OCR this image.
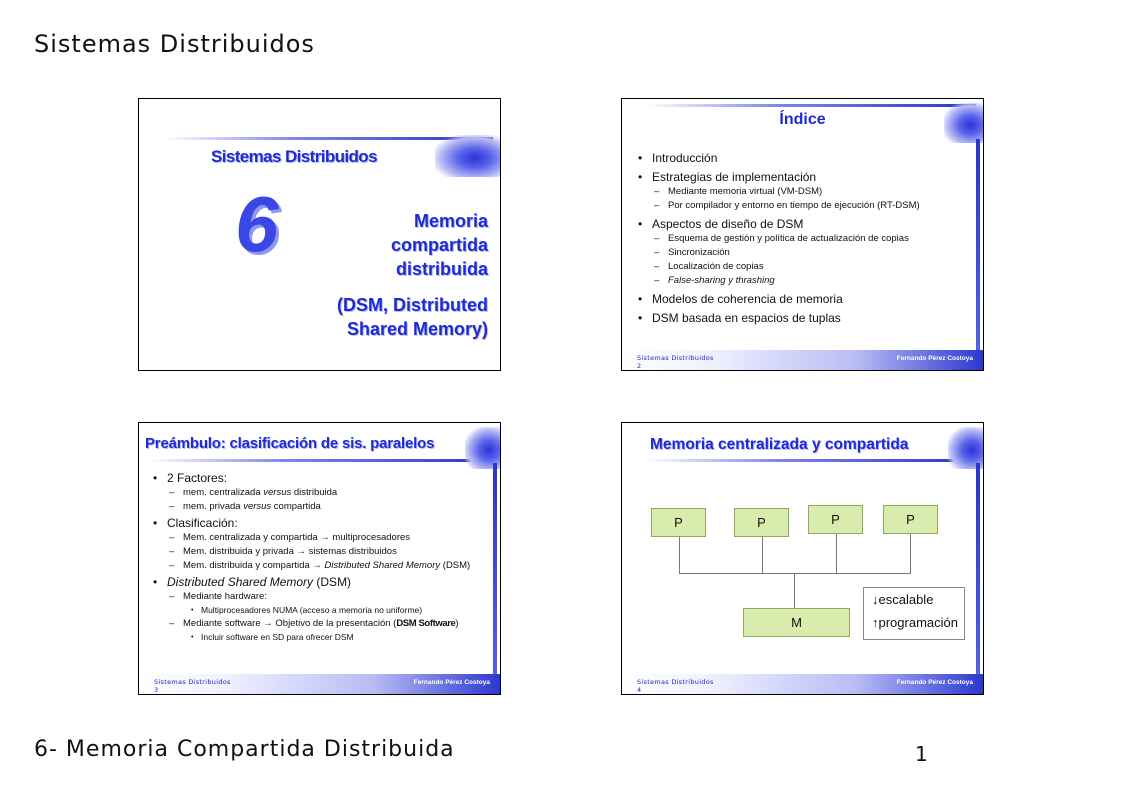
Sistemas Distribuidos
Sistemas Distribuidos
6	Memoria
compartida
distribuida
(DSM, Distributed
Shared Memory)
Índice
• Introducción
• Estrategias de implementación
– Mediante memoria virtual (VM-DSM)
– Por compilador y entorno en tiempo de ejecución (RT-DSM)
• Aspectos de diseño de DSM
– Esquema de gestión y política de actualización de copias
– Sincronización
– Localización de copias
– False-sharing y thrashing
• Modelos de coherencia de memoria
• DSM basada en espacios de tuplas
Sistemas Distribuidos
2
Fernando Pérez Costoya
Preámbulo: clasificación de sis. paralelos
• 2 Factores:
– mem. centralizada versus distribuida
– mem. privada versus compartida
• Clasificación:
– Mem. centralizada y compartida → multiprocesadores
– Mem. distribuida y privada → sistemas distribuidos
– Mem. distribuida y compartida → Distributed Shared Memory (DSM)
• Distributed Shared Memory (DSM)
– Mediante hardware:
• Multiprocesadores NUMA (acceso a memoria no uniforme)
– Mediante software → Objetivo de la presentación (DSM Software)
• Incluir software en SD para ofrecer DSM
Sistemas Distribuidos
3
Fernando Pérez Costoya
Memoria centralizada y compartida
P	P	P	P
M
↓escalable
↑programación
Sistemas Distribuidos
4
Fernando Pérez Costoya
6- Memoria Compartida Distribuida	1
